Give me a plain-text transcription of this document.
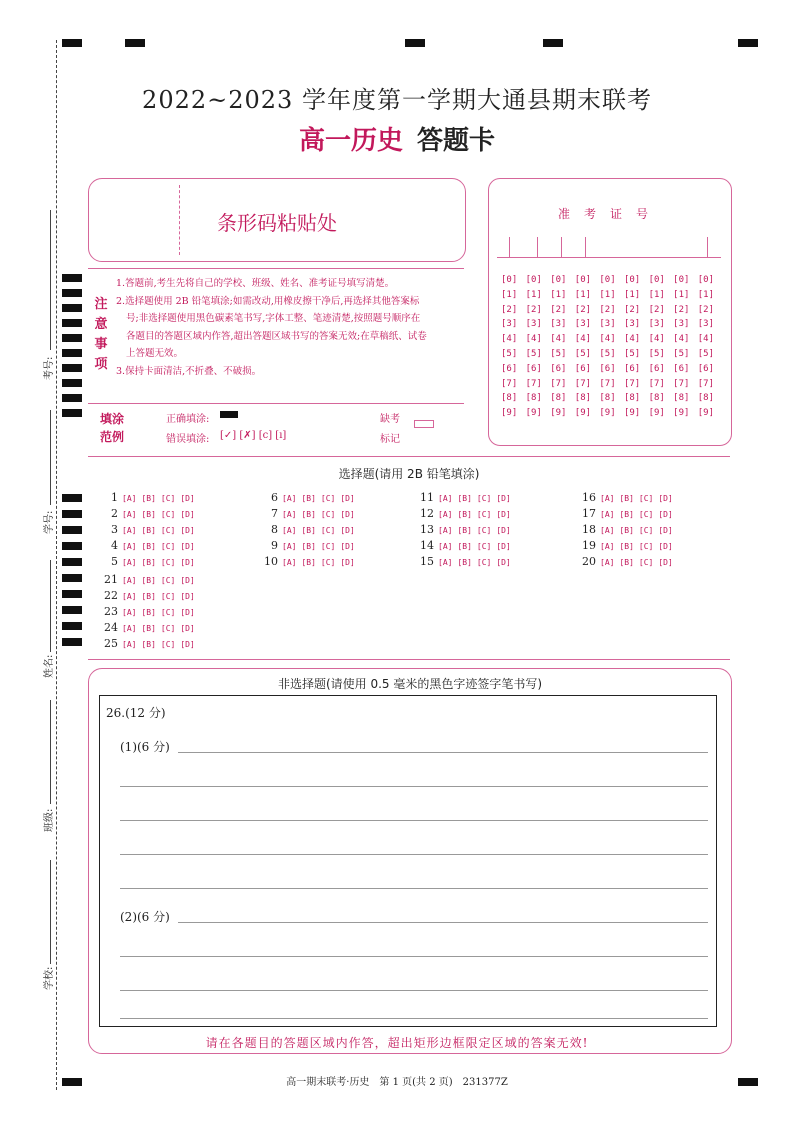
考号:
学号:
姓名:
班级:
学校:
2022~2023 学年度第一学期大通县期末联考
高一历史 答题卡
条形码粘贴处
注
意
事
项
1.答题前,考生先将自己的学校、班级、姓名、准考证号填写清楚。
2.选择题使用 2B 铅笔填涂;如需改动,用橡皮擦干净后,再选择其他答案标
号;非选择题使用黑色碳素笔书写,字体工整、笔迹清楚,按照题号顺序在
各题目的答题区域内作答,超出答题区域书写的答案无效;在草稿纸、试卷
上答题无效。
3.保持卡面清洁,不折叠、不破损。
填涂
范例
正确填涂:
错误填涂: [✓] [✗] [c] [ı]
缺考
标记
准考证号
[0] [0] [0] [0] [0] [0] [0] [0] [0]
[1] [1] [1] [1] [1] [1] [1] [1] [1]
[2] [2] [2] [2] [2] [2] [2] [2] [2]
[3] [3] [3] [3] [3] [3] [3] [3] [3]
[4] [4] [4] [4] [4] [4] [4] [4] [4]
[5] [5] [5] [5] [5] [5] [5] [5] [5]
[6] [6] [6] [6] [6] [6] [6] [6] [6]
[7] [7] [7] [7] [7] [7] [7] [7] [7]
[8] [8] [8] [8] [8] [8] [8] [8] [8]
[9] [9] [9] [9] [9] [9] [9] [9] [9]
选择题(请用 2B 铅笔填涂)
1 [A] [B] [C] [D]
2 [A] [B] [C] [D]
3 [A] [B] [C] [D]
4 [A] [B] [C] [D]
5 [A] [B] [C] [D]
6 [A] [B] [C] [D]
7 [A] [B] [C] [D]
8 [A] [B] [C] [D]
9 [A] [B] [C] [D]
10 [A] [B] [C] [D]
11 [A] [B] [C] [D]
12 [A] [B] [C] [D]
13 [A] [B] [C] [D]
14 [A] [B] [C] [D]
15 [A] [B] [C] [D]
16 [A] [B] [C] [D]
17 [A] [B] [C] [D]
18 [A] [B] [C] [D]
19 [A] [B] [C] [D]
20 [A] [B] [C] [D]
21 [A] [B] [C] [D]
22 [A] [B] [C] [D]
23 [A] [B] [C] [D]
24 [A] [B] [C] [D]
25 [A] [B] [C] [D]
非选择题(请使用 0.5 毫米的黑色字迹签字笔书写)
26.(12 分)
(1)(6 分)
(2)(6 分)
请在各题目的答题区域内作答，超出矩形边框限定区域的答案无效!
高一期末联考·历史　第 1 页(共 2 页)　231377Z
